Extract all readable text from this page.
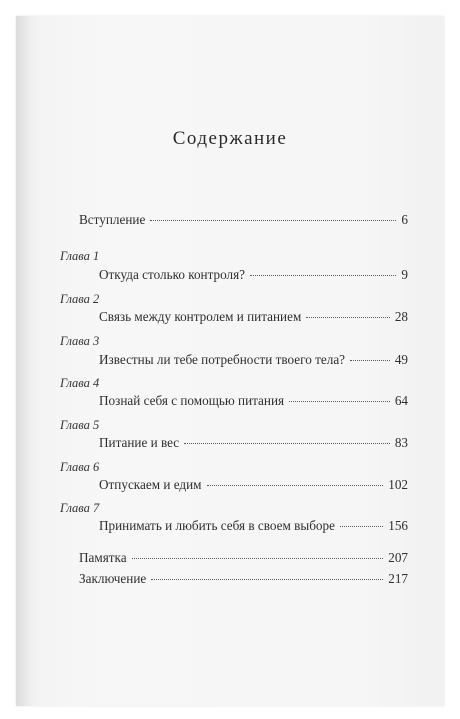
Содержание
Вступление	6
Глава 1
Откуда столько контроля?	9
Глава 2
Связь между контролем и питанием	28
Глава 3
Известны ли тебе потребности твоего тела?	49
Глава 4
Познай себя с помощью питания	64
Глава 5
Питание и вес	83
Глава 6
Отпускаем и едим	102
Глава 7
Принимать и любить себя в своем выборе	156
Памятка	207
Заключение	217
